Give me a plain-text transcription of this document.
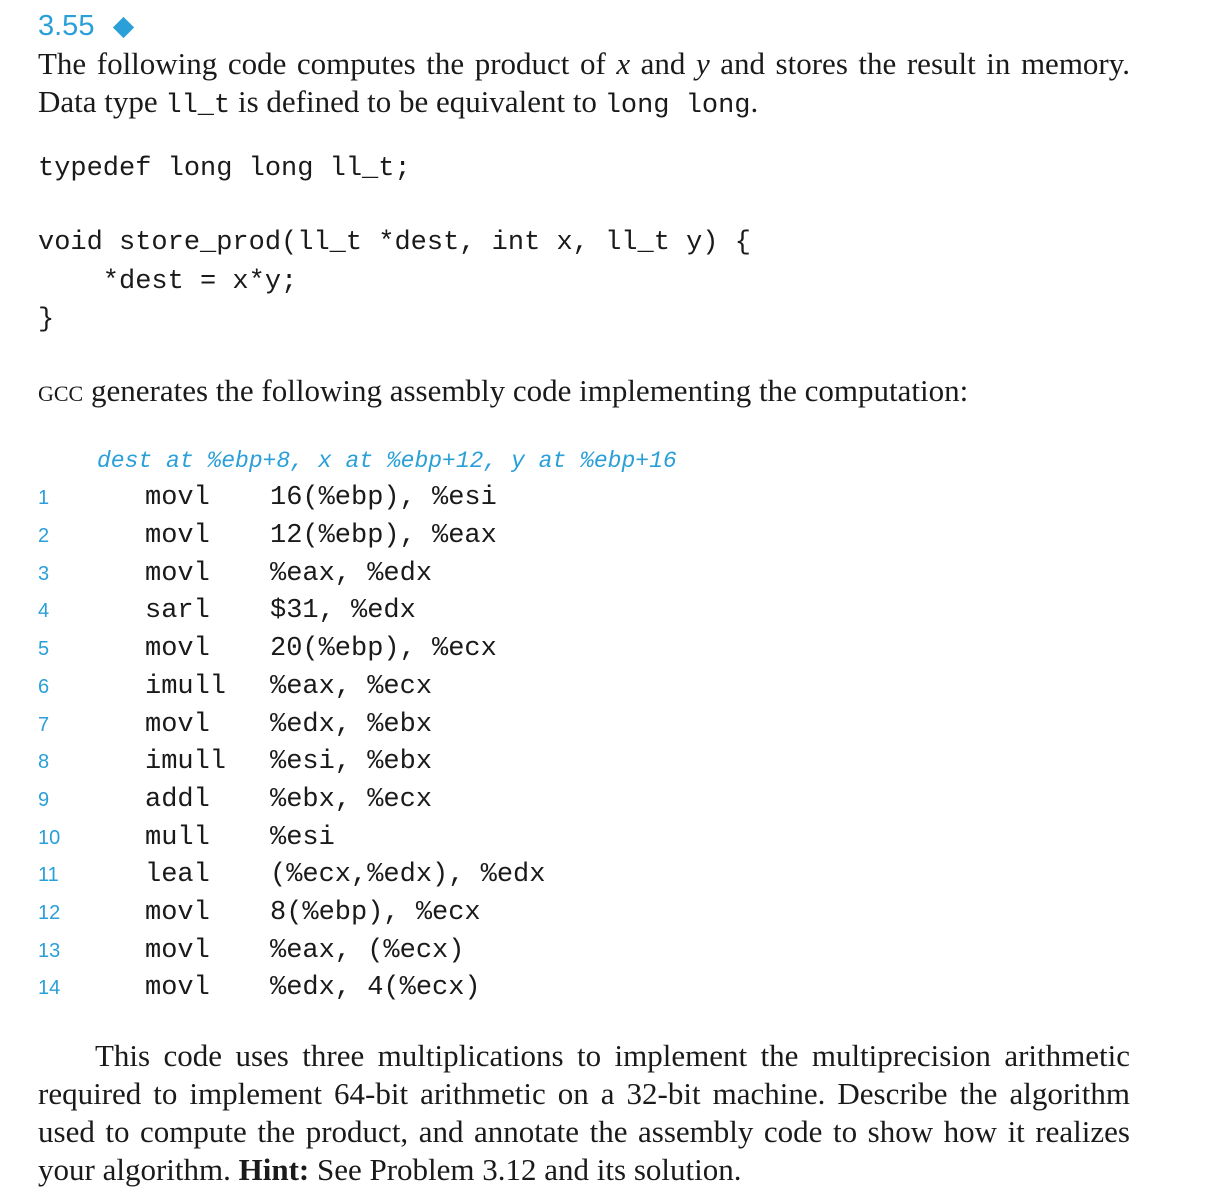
3.55
The following code computes the product of x and y and stores the result in memory. Data type ll_t is defined to be equivalent to long long.
typedef long long ll_t;
void store_prod(ll_t *dest, int x, ll_t y) {
*dest = x*y;
}
gcc generates the following assembly code implementing the computation:
dest at %ebp+8, x at %ebp+12, y at %ebp+16
1	movl 16(%ebp), %esi
2	movl 12(%ebp), %eax
3	movl %eax, %edx
4	sarl $31, %edx
5	movl 20(%ebp), %ecx
6	imull %eax, %ecx
7	movl %edx, %ebx
8	imull %esi, %ebx
9	addl %ebx, %ecx
10	mull %esi
11	leal (%ecx,%edx), %edx
12	movl 8(%ebp), %ecx
13	movl %eax, (%ecx)
14	movl %edx, 4(%ecx)
This code uses three multiplications to implement the multiprecision arithmetic required to implement 64-bit arithmetic on a 32-bit machine. Describe the algorithm used to compute the product, and annotate the assembly code to show how it realizes your algorithm. Hint: See Problem 3.12 and its solution.
